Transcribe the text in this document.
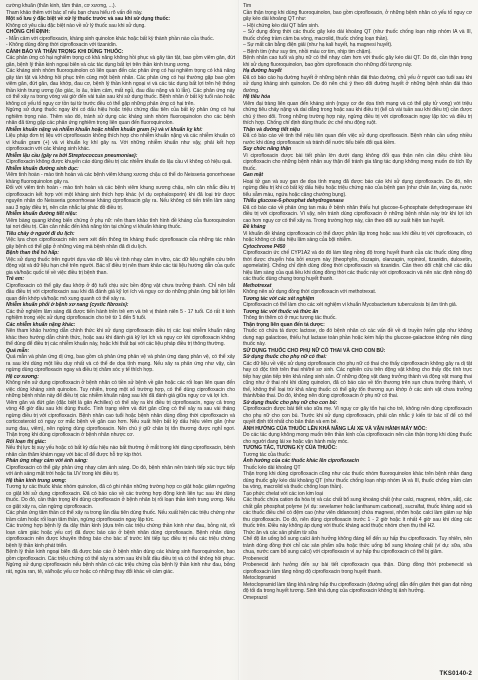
cường khuẩn (thẩn kinh, tâm thần, cơ xương, ...).

Tham khảo thêm với bác sĩ nếu bạn chưa hiểu rõ vấn đề này.

Một số lưu ý đặc biệt về xử lý thuốc trước và sau khi sử dụng thuốc:

Không có yêu cầu đặc biệt nào về xử lý thuốc sau khi sử dụng.

CHỐNG CHỈ ĐỊNH:

- Mẫn cảm với ciprofloxacin, kháng sinh quinolon khác hoặc bất kỳ thành phần nào của thuốc.

- Không dùng đồng thời ciprofloxacin với tizanidin.

CẢNH BÁO VÀ THẬN TRỌNG KHI DÙNG THUỐC:

Các phản ứng có hại nghiêm trọng có khả năng không hồi phục và gây tàn tật, bao gồm viêm gân, đứt gân, bệnh lý thần kinh ngoại biên và các tác dụng bất lợi trên thần kinh trung ương.

Các kháng sinh nhóm fluoroquinolon có liên quan đến các phản ứng có hại nghiêm trọng có khả năng gây tàn tật và không hồi phục trên cùng một bệnh nhân. Các phản ứng có hại thường gặp bao gồm viêm gân, đứt gân, đau khớp, đau cơ, bệnh lý thần kinh ngoại vi và các tác dụng bất lợi trên hệ thống thần kinh trung ương (ảo giác, lo âu, trầm cảm, mất ngủ, đau đầu nặng và lú lẫn). Các phản ứng này có thể xảy ra trong vòng vài giờ đến vài tuần sau khi sử dụng thuốc. Bệnh nhân ở bất kỳ tuổi nào hoặc không có yếu tố nguy cơ tồn tại từ trước đều có thể gặp những phản ứng có hại trên.

Ngừng sử dụng thuốc ngay khi có dấu hiệu hoặc triệu chứng đầu tiên của bất kỳ phản ứng có hại nghiêm trọng nào. Thêm vào đó, tránh sử dụng các kháng sinh nhóm fluoroquinolon cho các bệnh nhân đã từng gặp các phản ứng nghiêm trọng liên quan đến fluoroquinolon.

Nhiễm khuẩn nặng và nhiễm khuẩn hoặc nhiễm khuẩn gram (+) và vi khuẩn kỵ khí:

Liệu pháp đơn trị liệu với ciprofloxacin không thích hợp cho nhiễm khuẩn nặng và các nhiễm khuẩn có vi khuẩn gram (+) và vi khuẩn kỵ khí gây ra. Với những nhiễm khuẩn như vậy, phải kết hợp ciprofloxacin với các kháng sinh khác.

Nhiễm lậu cầu (gây ra bởi Streptococcus pneumoniae):

Ciprofloxacin không được khuyến cáo dùng điều trị các nhiễm khuẩn do lậu cầu vì không có hiệu quả.

Nhiễm khuẩn đường sinh dục:

Viêm tinh hoàn - mào tinh hoàn và các bệnh viêm khung xương chậu có thể do Neisseria gonorrhoeae kháng fluoroquinolon gây ra.

Đối với viêm tinh hoàn - mào tinh hoàn và các bệnh viêm khung xương chậu, nên cân nhắc điều trị ciprofloxacin kết hợp với một kháng sinh thích hợp khác (ví dụ cephalosporin) khi đã loại trừ được nguyên nhân do Neisseria gonorrhoeae kháng ciprofloxacin gây ra. Nếu không có tiến triển lâm sàng sau 3 ngày điều trị, nên cân nhắc lại phác đồ điều trị.

Nhiễm khuẩn đường tiết niệu:

Viêm bàng quang không biến chứng ở phụ nữ: nên tham khảo tình hình đề kháng của fluoroquinolon tại nơi điều trị. Cần cân nhắc đến khả năng tồn tại chủng vi khuẩn kháng thuốc.

Tiêu chảy ở người đi du lịch:

Việc lựa chọn ciprofloxacin nên xem xét đến thông tin kháng thuốc ciprofloxacin của những tác nhân gây bệnh có thể gặp ở những vùng mà bệnh nhân đã đi du lịch.

Bệnh than thể hô hấp:

Việc sử dụng thuốc trên người dựa vào dữ liệu về tính nhạy cảm in vitro, các dữ liệu nghiên cứu trên động vật và dữ liệu hạn chế trên người. Bác sĩ điều trị nên tham khảo các tài liệu hướng dẫn của quốc gia và/hoặc quốc tế về việc điều trị bệnh than.

Trẻ em:

Ciprofloxacin có thể gây đau khớp ở độ tuổi chịu sức bền động vật chưa trưởng thành. Chỉ nên bắt đầu điều trị với ciprofloxacin sau khi đã đánh giá kỹ lợi ích và nguy cơ do những phản ứng bất lợi liên quan đến khớp và/hoặc mô xung quanh có thể xảy ra.

Nhiễm khuẩn phổi ở bệnh xơ nang (cystic fibrosis):

Các thử nghiệm lâm sàng đã được tiến hành trên trẻ em và trẻ vị thành niên 5 - 17 tuổi. Có rất ít kinh nghiệm trong việc sử dụng ciprofloxacin cho trẻ từ 1 đến 5 tuổi.

Các nhiễm khuẩn nặng khác:

Nên tham khảo hướng dẫn chính thức khi sử dụng ciprofloxacin điều trị các loại nhiễm khuẩn nặng khác theo hướng dẫn chính thức, hoặc sau khi đánh giá kỹ lợi ích và nguy cơ khi ciprofloxacin không thể dùng để điều trị các nhiễm khuẩn này, hoặc khi thất bại với các liệu pháp điều trị thông thường.

Quá mẫn:

Quá mẫn và phản ứng dị ứng, bao gồm cả phản ứng phản vệ và phản ứng dạng phản vệ, có thể xảy ra sau khi dùng một liều duy nhất và có thể đe dọa tính mạng. Nếu xảy ra phản ứng như vậy, cần ngừng dùng ciprofloxacin ngay và điều trị chăm sóc y tế thích hợp.

Hệ cơ xương:

Không nên sử dụng ciprofloxacin ở bệnh nhân có tiền sử bệnh về gân hoặc các rối loạn liên quan đến việc dùng kháng sinh quinolon. Tuy nhiên, trong một số trường hợp, có thể dùng ciprofloxacin cho những bệnh nhân này để điều trị các nhiễm khuẩn nặng sau khi đã đánh giá giữa nguy cơ và lợi ích.

Viêm gân và đứt gân (đặc biệt là gân Achilles) có thể xảy ra khi điều trị ciprofloxacin, ngay cả trong vòng 48 giờ đầu sau khi dùng thuốc. Tình trạng viêm và đứt gân cũng có thể xảy ra sau vài tháng ngừng điều trị với ciprofloxacin. Bệnh nhân cao tuổi hoặc bệnh nhân dùng đồng thời ciprofloxacin và corticosteroid có nguy cơ mắc bệnh về gân cao hơn. Nếu xuất hiện bất kỳ dấu hiệu viêm gân (như sưng đau, viêm), nên ngừng dùng ciprofloxacin. Nên chú ý giữ chân bị tổn thương được nghỉ ngơi. Thận trọng khi dùng ciprofloxacin ở bệnh nhân nhược cơ.

Rối loạn thị giác:

Nếu thị lực bị suy yếu hoặc có bất kỳ dấu hiệu nào bất thường ở mắt trong khi dùng ciprofloxacin, bệnh nhân cần thăm khám ngay với bác sĩ để được hỗ trợ kịp thời.

Phản ứng nhạy cảm với ánh sáng:

Ciprofloxacin có thể gây phản ứng nhạy cảm ánh sáng. Do đó, bệnh nhân nên tránh tiếp xúc trực tiếp với ánh sáng mặt trời hoặc tia UV trong khi điều trị.

Hệ thần kinh trung ương:

Tương tự các thuốc khác nhóm quinolon, đã có ghi nhận những trường hợp co giật hoặc giảm ngưỡng co giật khi sử dụng ciprofloxacin. Đã có báo cáo về các trường hợp động kinh liên tục sau khi dùng thuốc. Do đó, cần thận trọng khi dùng ciprofloxacin ở bệnh nhân bị rối loạn thần kinh trung ương. Nếu co giật xảy ra, cần ngừng ciprofloxacin.

Các phản ứng tâm thần có thể xảy ra trong lần đầu tiên dùng thuốc. Nếu xuất hiện các triệu chứng như trầm cảm hoặc rối loạn tâm thần, ngừng ciprofloxacin ngay lập tức.

Các trường hợp bệnh lý đa dây thần kinh (dựa trên các triệu chứng thần kinh như đau, bỏng rát, rối loạn cảm giác hoặc yếu cơ) đã được báo cáo ở bệnh nhân dùng ciprofloxacin. Bệnh nhân dùng ciprofloxacin nên được khuyên thông báo cho bác sĩ trước khi tiếp tục điều trị nếu các triệu chứng bệnh lý thần kinh phát triển.

Bệnh lý thần kinh ngoại biên đã được báo cáo ở bệnh nhân dùng các kháng sinh fluoroquinolon, bao gồm ciprofloxacin. Các triệu chứng có thể xảy ra sớm sau khi bắt đầu điều trị và có thể không hồi phục. Ngừng sử dụng ciprofloxacin nếu bệnh nhân có các triệu chứng của bệnh lý thần kinh như đau, bỏng rát, ngứa ran, tê, và/hoặc yếu cơ hoặc có những thay đổi khác về cảm giác.

Tim

Cần thận trọng khi dùng fluoroquinolon, bao gồm ciprofloxacin, ở những bệnh nhân có yếu tố nguy cơ gây kéo dài khoảng QT như:

– Hội chứng kéo dài QT bẩm sinh.

– Sử dụng đồng thời các thuốc gây kéo dài khoảng QT (như thuốc chống loạn nhịp nhóm IA và III, thuốc chống trầm cảm ba vòng, macrolid, thuốc chống loạn thần).

– Sự mất cân bằng điện giải (như hạ kali huyết, hạ magnesi huyết).

– Bệnh tim (như suy tim, nhồi máu cơ tim, nhịp tim chậm).

Bệnh nhân cao tuổi và phụ nữ có thể nhạy cảm hơn với thuốc gây kéo dài QT. Do đó, cần thận trọng khi sử dụng fluoroquinolon, bao gồm ciprofloxacin cho những đối tượng này.

Hạ đường huyết

Đã có báo cáo hạ đường huyết ở những bệnh nhân đái tháo đường, chủ yếu ở người cao tuổi sau khi sử dụng kháng sinh quinolon. Do đó nên chú ý theo dõi đường huyết ở những bệnh nhân đái tháo đường.

Hệ tiêu hóa

Viêm đại tràng liên quan đến kháng sinh (nguy cơ đe dọa tính mạng và có thể gây tử vong) với triệu chứng tiêu chảy nặng và dai dẳng trong hoặc sau khi điều trị (kể cả vài tuần sau khi điều trị) cần được chú ý theo dõi. Trong những trường hợp này, ngừng điều trị với ciprofloxacin ngay lập tức và điều trị thích hợp. Chống chỉ định dùng thuốc ức chế nhu động ruột.

Thận và đường tiết niệu

Đã có báo cáo về tinh thể niệu liên quan đến việc sử dụng ciprofloxacin. Bệnh nhân cần uống nhiều nước khi dùng ciprofloxacin và tránh để nước tiểu biến đổi quá kiềm.

Suy chức năng thận

Vì ciprofloxacin được bài tiết phần lớn dưới dạng không đổi qua thận nên cần điều chỉnh liều ciprofloxacin cho những bệnh nhân suy thận để tránh gia tăng tác dụng không mong muốn do tích lũy thuốc.

Gan mật

Hoại tử gan và suy gan đe dọa tính mạng đã được báo cáo khi sử dụng ciprofloxacin. Do đó, nên ngừng điều trị khi có bất kỳ dấu hiệu hoặc triệu chứng nào của bệnh gan (như chán ăn, vàng da, nước tiểu sẫm màu, ngứa hoặc căng chướng bụng).

Thiếu glucose-6-phosphat dehydrogenase

Đã có báo cáo về phản ứng tan máu ở bệnh nhân thiếu hụt glucose-6-phosphate dehydrogenase khi điều trị với ciprofloxacin. Vì vậy, nên tránh dùng ciprofloxacin ở những bệnh nhân này trừ khi lợi ích cao hơn nguy cơ có thể xảy ra. Trong trường hợp này, cần theo dõi sự xuất hiện tan huyết.

Đề kháng

Vi khuẩn đề kháng ciprofloxacin có thể được phân lập trong hoặc sau khi điều trị với ciprofloxacin, có hoặc không có dấu hiệu lâm sàng của bội nhiễm.

Cytochrome P450

Ciprofloxacin ức chế CYP1A2 và do đó làm tăng nồng độ trong huyết thanh của các thuốc dùng đồng thời được chuyển hóa bởi enzym này (theophylin, clozapin, olanzapin, ropinirol, tizanidin, duloxetin, agomelatin). Chống chỉ định dùng đồng thời ciprofloxacin và tizanidin. Cần theo dõi chặt chẽ các dấu hiệu lâm sàng của quá liều khi dùng đồng thời các thuốc này với ciprofloxacin và nên xác định nồng độ các thuốc dùng chung trong huyết thanh.

Methotrexat

Không nên sử dụng đồng thời ciprofloxacin với methotrexat.

Tương tác với các xét nghiệm

Ciprofloxacin có thể làm cho các xét nghiệm vi khuẩn Mycobacterium tuberculosis bị âm tính giả.

Tương tác với thuốc và thức ăn

Thông tin thêm có ở mục tương tác thuốc.

Thận trọng liên quan đến tá dược:

Thuốc có chứa tá dược lactose, do đó bệnh nhân có các vấn đề về di truyền hiếm gặp như không dung nạp galactose, thiếu hụt lactase toàn phần hoặc kém hấp thu glucose-galactose không nên dùng thuốc này.

SỬ DỤNG THUỐC CHO PHỤ NỮ CÓ THAI VÀ CHO CON BÚ:

Sử dụng thuốc cho phụ nữ có thai:

Các dữ liệu về việc sử dụng ciprofloxacin cho phụ nữ có thai cho thấy ciprofloxacin không gây ra dị tật hay có độc tính trên thai nhi/trẻ sơ sinh. Các nghiên cứu trên động vật không cho thấy độc tính trực tiếp hay gián tiếp trên khả năng sinh sản. Ở những động vật đang trưởng thành và động vật mang thai cũng như ở thai nhi khi dùng quinolon, đã có báo cáo về tổn thương trên sụn chưa trưởng thành, vì thế, không thể loại trừ khả năng thuốc có thể gây tổn thương sụn khớp ở các sinh vật chưa trưởng thành/bào thai. Do đó, không nên dùng ciprofloxacin ở phụ nữ có thai.

Sử dụng thuốc cho phụ nữ cho con bú:

Ciprofloxacin được bài tiết vào sữa mẹ. Vì nguy cơ gây tổn hại cho trẻ, không nên dùng ciprofloxacin cho phụ nữ cho con bú. Trước khi sử dụng ciprofloxacin, phải cân nhắc ý kiến từ bác sĩ để có thể quyết định tốt nhất cho bản thân và em bé.

ẢNH HƯỞNG CỦA THUỐC LÊN KHẢ NĂNG LÁI XE VÀ VẬN HÀNH MÁY MÓC:

Do các tác dụng không mong muốn trên thần kinh của ciprofloxacin nên cần thận trọng khi dùng thuốc cho người đang lái xe hoặc vận hành máy móc.

TƯƠNG TÁC, TƯƠNG KỴ CỦA THUỐC:

Tương tác của thuốc:

Ảnh hưởng của các thuốc khác lên ciprofloxacin

Thuốc kéo dài khoảng QT

Thận trọng khi dùng ciprofloxacin cũng như các thuốc nhóm fluoroquinolon khác trên bệnh nhân đang dùng thuốc gây kéo dài khoảng QT (như thuốc chống loạn nhịp nhóm IA và III, thuốc chống trầm cảm ba vòng, macrolid và thuốc chống loạn thần).

Tạo phức chelat với các ion kim loại

Các thuốc chứa cation đa hóa trị và các chất bổ sung khoáng chất (như calci, magnesi, nhôm, sắt), các chất gắn phosphat polyme (ví dụ: sevelamer hoặc lanthanum carbonat), sucralfat, thuốc kháng acid và các thuốc điều chế có đệm cao (như viên didanosin) chứa magnesi, nhôm hoặc calci làm giảm sự hấp thu ciprofloxacin. Do đó, nên dùng ciprofloxacin trước 1 - 2 giờ hoặc ít nhất 4 giờ sau khi dùng các thuốc trên. Điều này không áp dụng với thuốc kháng acid thuộc nhóm chẹn thụ thể H2.

Thức ăn và các sản phẩm từ sữa

Chế độ ăn uống bổ sung calci ảnh hưởng không đáng kể đến sự hấp thu ciprofloxacin. Tuy nhiên, nên tránh dùng đồng thời chỉ các sản phẩm sữa hoặc thức uống bổ sung khoáng chất (ví dụ: sữa, sữa chua, nước cam bổ sung calci) với ciprofloxacin vì sự hấp thu ciprofloxacin có thể bị giảm.

Probenecid

Probenecid ảnh hưởng đến sự bài tiết ciprofloxacin qua thận. Dùng đồng thời probenecid và ciprofloxacin làm tăng nồng độ ciprofloxacin trong huyết thanh.

Metoclopramid

Metoclopramid làm tăng khả năng hấp thu ciprofloxacin (đường uống) dẫn đến giảm thời gian đạt nồng độ tối đa trong huyết tương. Sinh khả dụng của ciprofloxacin không bị ảnh hưởng.

Omeprazol

TKS0140-2
